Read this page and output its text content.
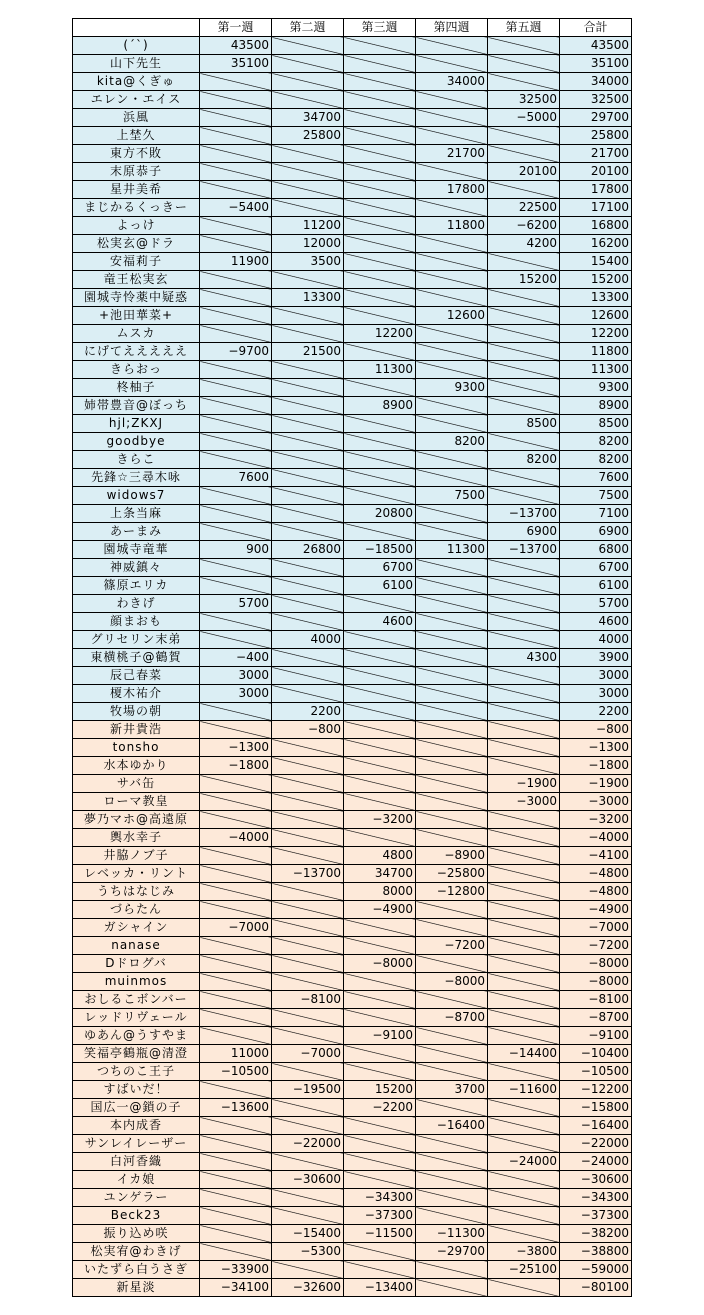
	第一週	第二週	第三週	第四週	第五週	合計
(´`)	43500					43500
山下先生	35100					35100
kita@くぎゅ				34000		34000
エレン・エイス					32500	32500
浜風		34700			−5000	29700
上埜久		25800				25800
東方不敗				21700		21700
末原恭子					20100	20100
星井美希				17800		17800
まじかるくっきー	−5400				22500	17100
よっけ		11200		11800	−6200	16800
松実玄@ドラ		12000			4200	16200
安福莉子	11900	3500				15400
竜王松実玄					15200	15200
園城寺怜薬中疑惑		13300				13300
+池田華菜+				12600		12600
ムスカ			12200			12200
にげてえええええ	−9700	21500				11800
きらおっ			11300			11300
柊柚子				9300		9300
姉帯豊音@ぼっち			8900			8900
hjl;ZKXJ					8500	8500
goodbye				8200		8200
きらこ					8200	8200
先鋒☆三尋木咏	7600					7600
widows7				7500		7500
上条当麻			20800		−13700	7100
あーまみ					6900	6900
園城寺竜華	900	26800	−18500	11300	−13700	6800
神威鎮々			6700			6700
篠原エリカ			6100			6100
わきげ	5700					5700
顔まおも			4600			4600
グリセリン末弟		4000				4000
東横桃子@鶴賀	−400				4300	3900
辰己春菜	3000					3000
榎木祐介	3000					3000
牧場の朝		2200				2200
新井貴浩		−800				−800
tonsho	−1300					−1300
水本ゆかり	−1800					−1800
サバ缶					−1900	−1900
ローマ教皇					−3000	−3000
夢乃マホ@高遠原			−3200			−3200
輿水幸子	−4000					−4000
井脇ノブ子			4800	−8900		−4100
レベッカ・リント		−13700	34700	−25800		−4800
うちはなじみ			8000	−12800		−4800
づらたん			−4900			−4900
ガシャイン	−7000					−7000
nanase				−7200		−7200
Dドログバ			−8000			−8000
muinmos				−8000		−8000
おしるこボンバー		−8100				−8100
レッドリヴェール				−8700		−8700
ゆあん@うすやま			−9100			−9100
笑福亭鶴瓶@清澄	11000	−7000			−14400	−10400
つちのこ王子	−10500					−10500
すばいだ！		−19500	15200	3700	−11600	−12200
国広一@鎖の子	−13600		−2200			−15800
本内成香				−16400		−16400
サンレイレーザー		−22000				−22000
白河香織					−24000	−24000
イカ娘		−30600				−30600
ユンゲラー			−34300			−34300
Beck23			−37300			−37300
振り込め咲		−15400	−11500	−11300		−38200
松実宥@わきげ		−5300		−29700	−3800	−38800
いたずら白うさぎ	−33900				−25100	−59000
新星淡	−34100	−32600	−13400			−80100
